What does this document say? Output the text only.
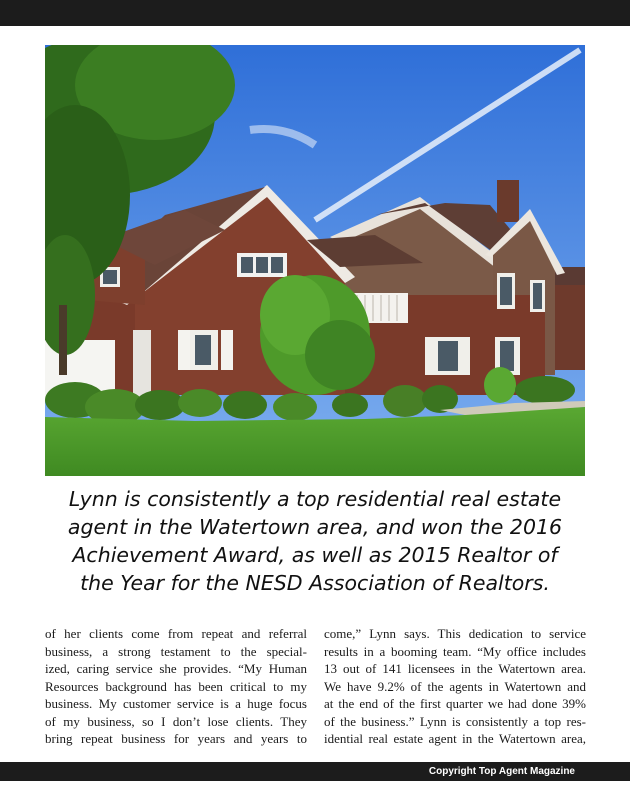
Lynn is consistently a top residential real estate
agent in the Watertown area, and won the 2016
Achievement Award, as well as 2015 Realtor of
the Year for the NESD Association of Realtors.
of her clients come from repeat and referral
business, a strong testament to the special-
ized, caring service she provides. “My Human
Resources background has been critical to my
business. My customer service is a huge focus
of my business, so I don’t lose clients. They
bring repeat business for years and years to
come,” Lynn says. This dedication to service
results in a booming team. “My office includes
13 out of 141 licensees in the Watertown area.
We have 9.2% of the agents in Watertown and
at the end of the first quarter we had done 39%
of the business.” Lynn is consistently a top res-
idential real estate agent in the Watertown area,
Copyright Top Agent Magazine
